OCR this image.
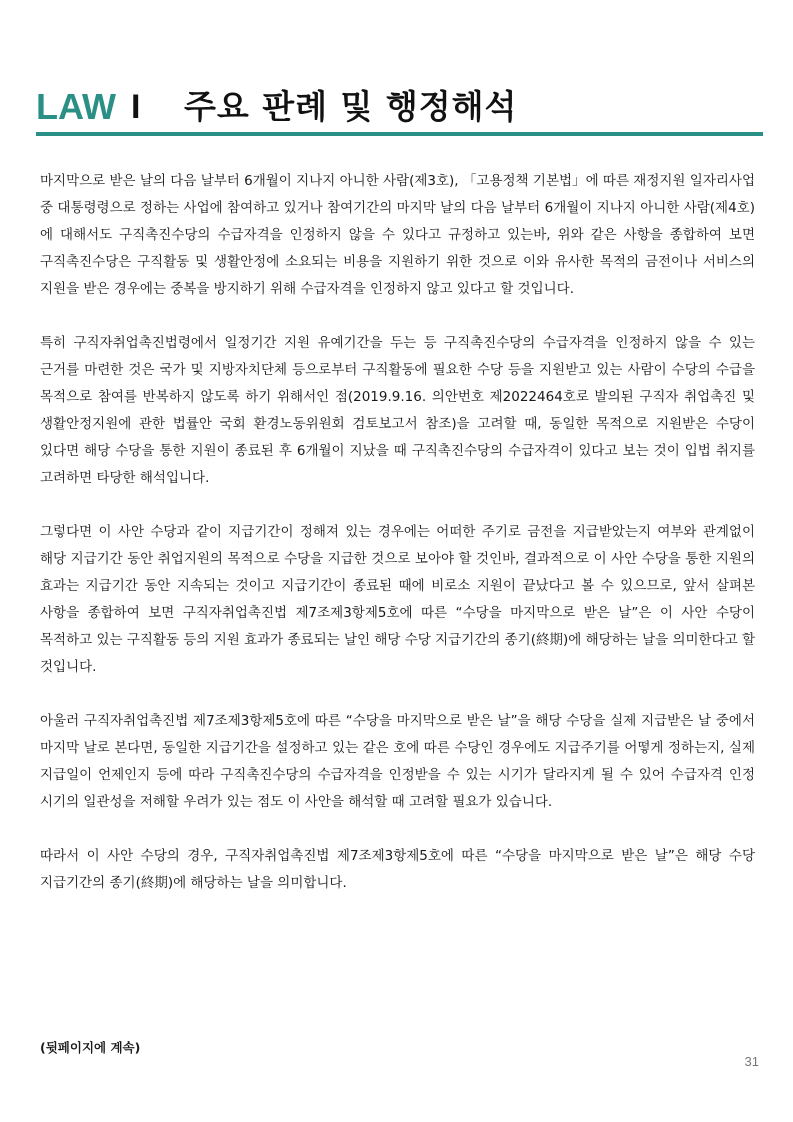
LAW I 주요 판례 및 행정해석

마지막으로 받은 날의 다음 날부터 6개월이 지나지 아니한 사람(제3호), 「고용정책 기본법」에 따른 재정지원 일자리사업 중 대통령령으로 정하는 사업에 참여하고 있거나 참여기간의 마지막 날의 다음 날부터 6개월이 지나지 아니한 사람(제4호)에 대해서도 구직촉진수당의 수급자격을 인정하지 않을 수 있다고 규정하고 있는바, 위와 같은 사항을 종합하여 보면 구직촉진수당은 구직활동 및 생활안정에 소요되는 비용을 지원하기 위한 것으로 이와 유사한 목적의 금전이나 서비스의 지원을 받은 경우에는 중복을 방지하기 위해 수급자격을 인정하지 않고 있다고 할 것입니다.

특히 구직자취업촉진법령에서 일정기간 지원 유예기간을 두는 등 구직촉진수당의 수급자격을 인정하지 않을 수 있는 근거를 마련한 것은 국가 및 지방자치단체 등으로부터 구직활동에 필요한 수당 등을 지원받고 있는 사람이 수당의 수급을 목적으로 참여를 반복하지 않도록 하기 위해서인 점(2019.9.16. 의안번호 제2022464호로 발의된 구직자 취업촉진 및 생활안정지원에 관한 법률안 국회 환경노동위원회 검토보고서 참조)을 고려할 때, 동일한 목적으로 지원받은 수당이 있다면 해당 수당을 통한 지원이 종료된 후 6개월이 지났을 때 구직촉진수당의 수급자격이 있다고 보는 것이 입법 취지를 고려하면 타당한 해석입니다.

그렇다면 이 사안 수당과 같이 지급기간이 정해져 있는 경우에는 어떠한 주기로 금전을 지급받았는지 여부와 관계없이 해당 지급기간 동안 취업지원의 목적으로 수당을 지급한 것으로 보아야 할 것인바, 결과적으로 이 사안 수당을 통한 지원의 효과는 지급기간 동안 지속되는 것이고 지급기간이 종료된 때에 비로소 지원이 끝났다고 볼 수 있으므로, 앞서 살펴본 사항을 종합하여 보면 구직자취업촉진법 제7조제3항제5호에 따른 “수당을 마지막으로 받은 날”은 이 사안 수당이 목적하고 있는 구직활동 등의 지원 효과가 종료되는 날인 해당 수당 지급기간의 종기(終期)에 해당하는 날을 의미한다고 할 것입니다.

아울러 구직자취업촉진법 제7조제3항제5호에 따른 “수당을 마지막으로 받은 날”을 해당 수당을 실제 지급받은 날 중에서 마지막 날로 본다면, 동일한 지급기간을 설정하고 있는 같은 호에 따른 수당인 경우에도 지급주기를 어떻게 정하는지, 실제 지급일이 언제인지 등에 따라 구직촉진수당의 수급자격을 인정받을 수 있는 시기가 달라지게 될 수 있어 수급자격 인정 시기의 일관성을 저해할 우려가 있는 점도 이 사안을 해석할 때 고려할 필요가 있습니다.

따라서 이 사안 수당의 경우, 구직자취업촉진법 제7조제3항제5호에 따른 “수당을 마지막으로 받은 날”은 해당 수당 지급기간의 종기(終期)에 해당하는 날을 의미합니다.

(뒷페이지에 계속)
31
